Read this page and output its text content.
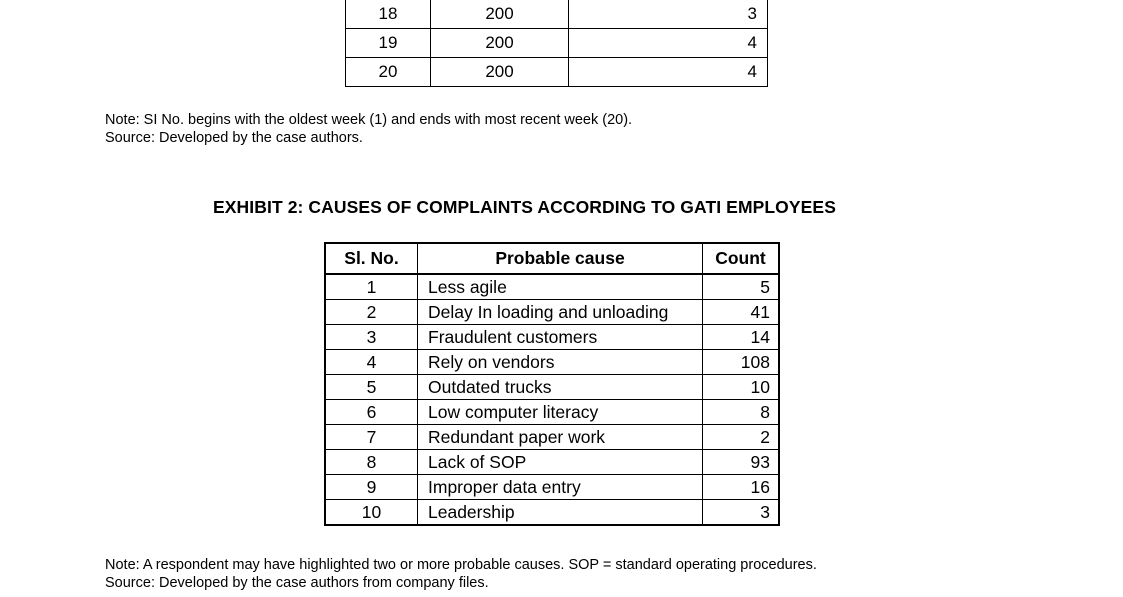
18	200	3
19	200	4
20	200	4
Note: SI No. begins with the oldest week (1) and ends with most recent week (20).
Source: Developed by the case authors.
EXHIBIT 2: CAUSES OF COMPLAINTS ACCORDING TO GATI EMPLOYEES
Sl. No.	Probable cause	Count
1	Less agile	5
2	Delay In loading and unloading	41
3	Fraudulent customers	14
4	Rely on vendors	108
5	Outdated trucks	10
6	Low computer literacy	8
7	Redundant paper work	2
8	Lack of SOP	93
9	Improper data entry	16
10	Leadership	3
Note: A respondent may have highlighted two or more probable causes. SOP = standard operating procedures.
Source: Developed by the case authors from company files.
